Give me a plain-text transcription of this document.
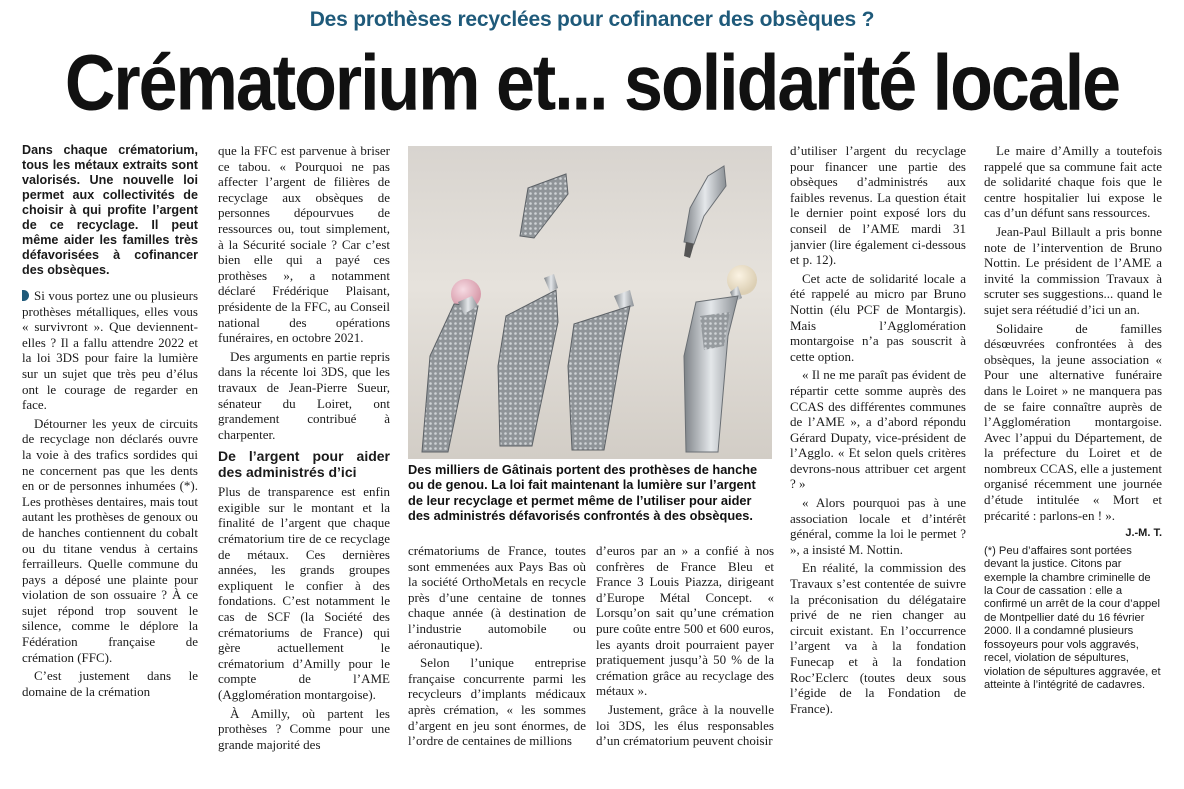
Des prothèses recyclées pour cofinancer des obsèques ?
Crématorium et... solidarité locale

Dans chaque crématorium, tous les métaux extraits sont valorisés. Une nouvelle loi permet aux collectivités de choisir à qui profite l’argent de ce recyclage. Il peut même aider les familles très défavorisées à cofinancer des obsèques.

Si vous portez une ou plusieurs prothèses métalliques, elles vous « survivront ». Que deviennent-elles ? Il a fallu attendre 2022 et la loi 3DS pour faire la lumière sur un sujet que très peu d’élus ont le courage de regarder en face.

Détourner les yeux de circuits de recyclage non déclarés ouvre la voie à des trafics sordides qui ne concernent pas que les dents en or de personnes inhumées (*). Les prothèses dentaires, mais tout autant les prothèses de genoux ou de hanches contiennent du cobalt ou du titane vendus à certains ferrailleurs. Quelle commune du pays a déposé une plainte pour violation de son ossuaire ? À ce sujet répond trop souvent le silence, comme le déplore la Fédération française de crémation (FFC).

C’est justement dans le domaine de la crémation

que la FFC est parvenue à briser ce tabou. « Pourquoi ne pas affecter l’argent de filières de recyclage aux obsèques de personnes dépourvues de ressources ou, tout simplement, à la Sécurité sociale ? Car c’est bien elle qui a payé ces prothèses », a notamment déclaré Frédérique Plaisant, présidente de la FFC, au Conseil national des opérations funéraires, en octobre 2021.

Des arguments en partie repris dans la récente loi 3DS, que les travaux de Jean-Pierre Sueur, sénateur du Loiret, ont grandement contribué à charpenter.

De l’argent pour aider des administrés d’ici

Plus de transparence est enfin exigible sur le montant et la finalité de l’argent que chaque crématorium tire de ce recyclage de métaux. Ces dernières années, les grands groupes expliquent le confier à des fondations. C’est notamment le cas de SCF (la Société des crématoriums de France) qui gère actuellement le crématorium d’Amilly pour le compte de l’AME (Agglomération montargoise).

À Amilly, où partent les prothèses ? Comme pour une grande majorité des

Des milliers de Gâtinais portent des prothèses de hanche ou de genou. La loi fait maintenant la lumière sur l’argent de leur recyclage et permet même de l’utiliser pour aider des administrés défavorisés confrontés à des obsèques.

crématoriums de France, toutes sont emmenées aux Pays Bas où la société OrthoMetals en recycle près d’une centaine de tonnes chaque année (à destination de l’industrie automobile ou aéronautique).

Selon l’unique entreprise française concurrente parmi les recycleurs d’implants médicaux après crémation, « les sommes d’argent en jeu sont énormes, de l’ordre de centaines de millions

d’euros par an » a confié à nos confrères de France Bleu et France 3 Louis Piazza, dirigeant d’Europe Métal Concept. « Lorsqu’on sait qu’une crémation pure coûte entre 500 et 600 euros, les ayants droit pourraient payer pratiquement jusqu’à 50 % de la crémation grâce au recyclage des métaux ».

Justement, grâce à la nouvelle loi 3DS, les élus responsables d’un crématorium peuvent choisir

d’utiliser l’argent du recyclage pour financer une partie des obsèques d’administrés aux faibles revenus. La question était le dernier point exposé lors du conseil de l’AME mardi 31 janvier (lire également ci-dessous et p. 12).

Cet acte de solidarité locale a été rappelé au micro par Bruno Nottin (élu PCF de Montargis). Mais l’Agglomération montargoise n’a pas souscrit à cette option.

« Il ne me paraît pas évident de répartir cette somme auprès des CCAS des différentes communes de l’AME », a d’abord répondu Gérard Dupaty, vice-président de l’Agglo. « Et selon quels critères devrons-nous attribuer cet argent ? »

« Alors pourquoi pas à une association locale et d’intérêt général, comme la loi le permet ? », a insisté M. Nottin.

En réalité, la commission des Travaux s’est contentée de suivre la préconisation du délégataire privé de ne rien changer au circuit existant. En l’occurrence l’argent va à la fondation Funecap et à la fondation Roc’Eclerc (toutes deux sous l’égide de la Fondation de France).

Le maire d’Amilly a toutefois rappelé que sa commune fait acte de solidarité chaque fois que le centre hospitalier lui expose le cas d’un défunt sans ressources.

Jean-Paul Billault a pris bonne note de l’intervention de Bruno Nottin. Le président de l’AME a invité la commission Travaux à scruter ses suggestions... quand le sujet sera réétudié d’ici un an.

Solidaire de familles désœuvrées confrontées à des obsèques, la jeune association « Pour une alternative funéraire dans le Loiret » ne manquera pas de se faire connaître auprès de l’Agglomération montargoise. Avec l’appui du Département, de la préfecture du Loiret et de nombreux CCAS, elle a justement organisé récemment une journée d’étude intitulée « Mort et précarité : parlons-en ! ».

J.-M. T.

(*) Peu d’affaires sont portées devant la justice. Citons par exemple la chambre criminelle de la Cour de cassation : elle a confirmé un arrêt de la cour d’appel de Montpellier daté du 16 février 2000. Il a condamné plusieurs fossoyeurs pour vols aggravés, recel, violation de sépultures, violation de sépultures aggravée, et atteinte à l’intégrité de cadavres.
